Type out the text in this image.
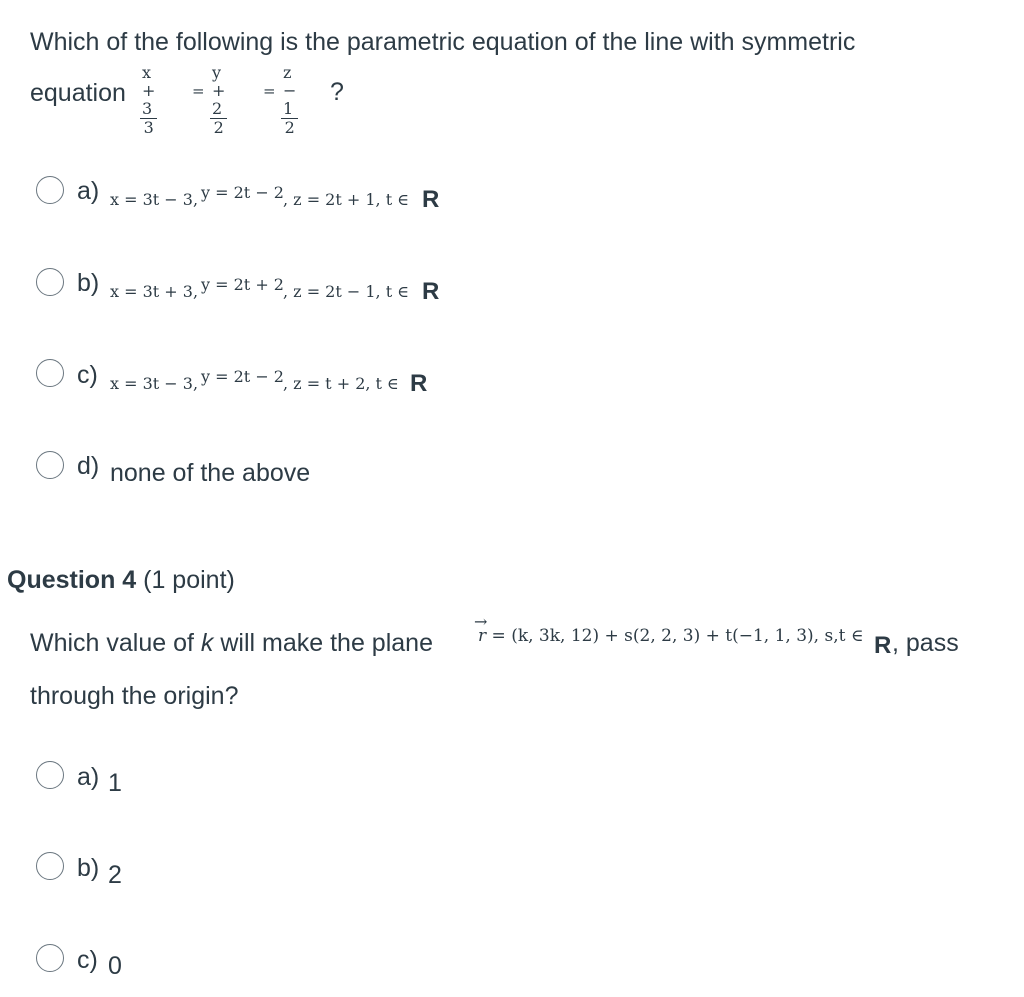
Which of the following is the parametric equation of the line with symmetric
equation
x + 3
3
=
y + 2
2
=
z − 1
2
?
a) x = 3t − 3, y = 2t − 2 , z = 2t + 1, t ∈ R
b) x = 3t + 3, y = 2t + 2 , z = 2t − 1, t ∈ R
c) x = 3t − 3, y = 2t − 2 , z = t + 2, t ∈ R
d) none of the above
Question 4 (1 point)
Which value of k will make the plane
→
r = (k, 3k, 12) + s(2, 2, 3) + t(−1, 1, 3), s,t ∈ R , pass
through the origin?
a) 1
b) 2
c) 0
